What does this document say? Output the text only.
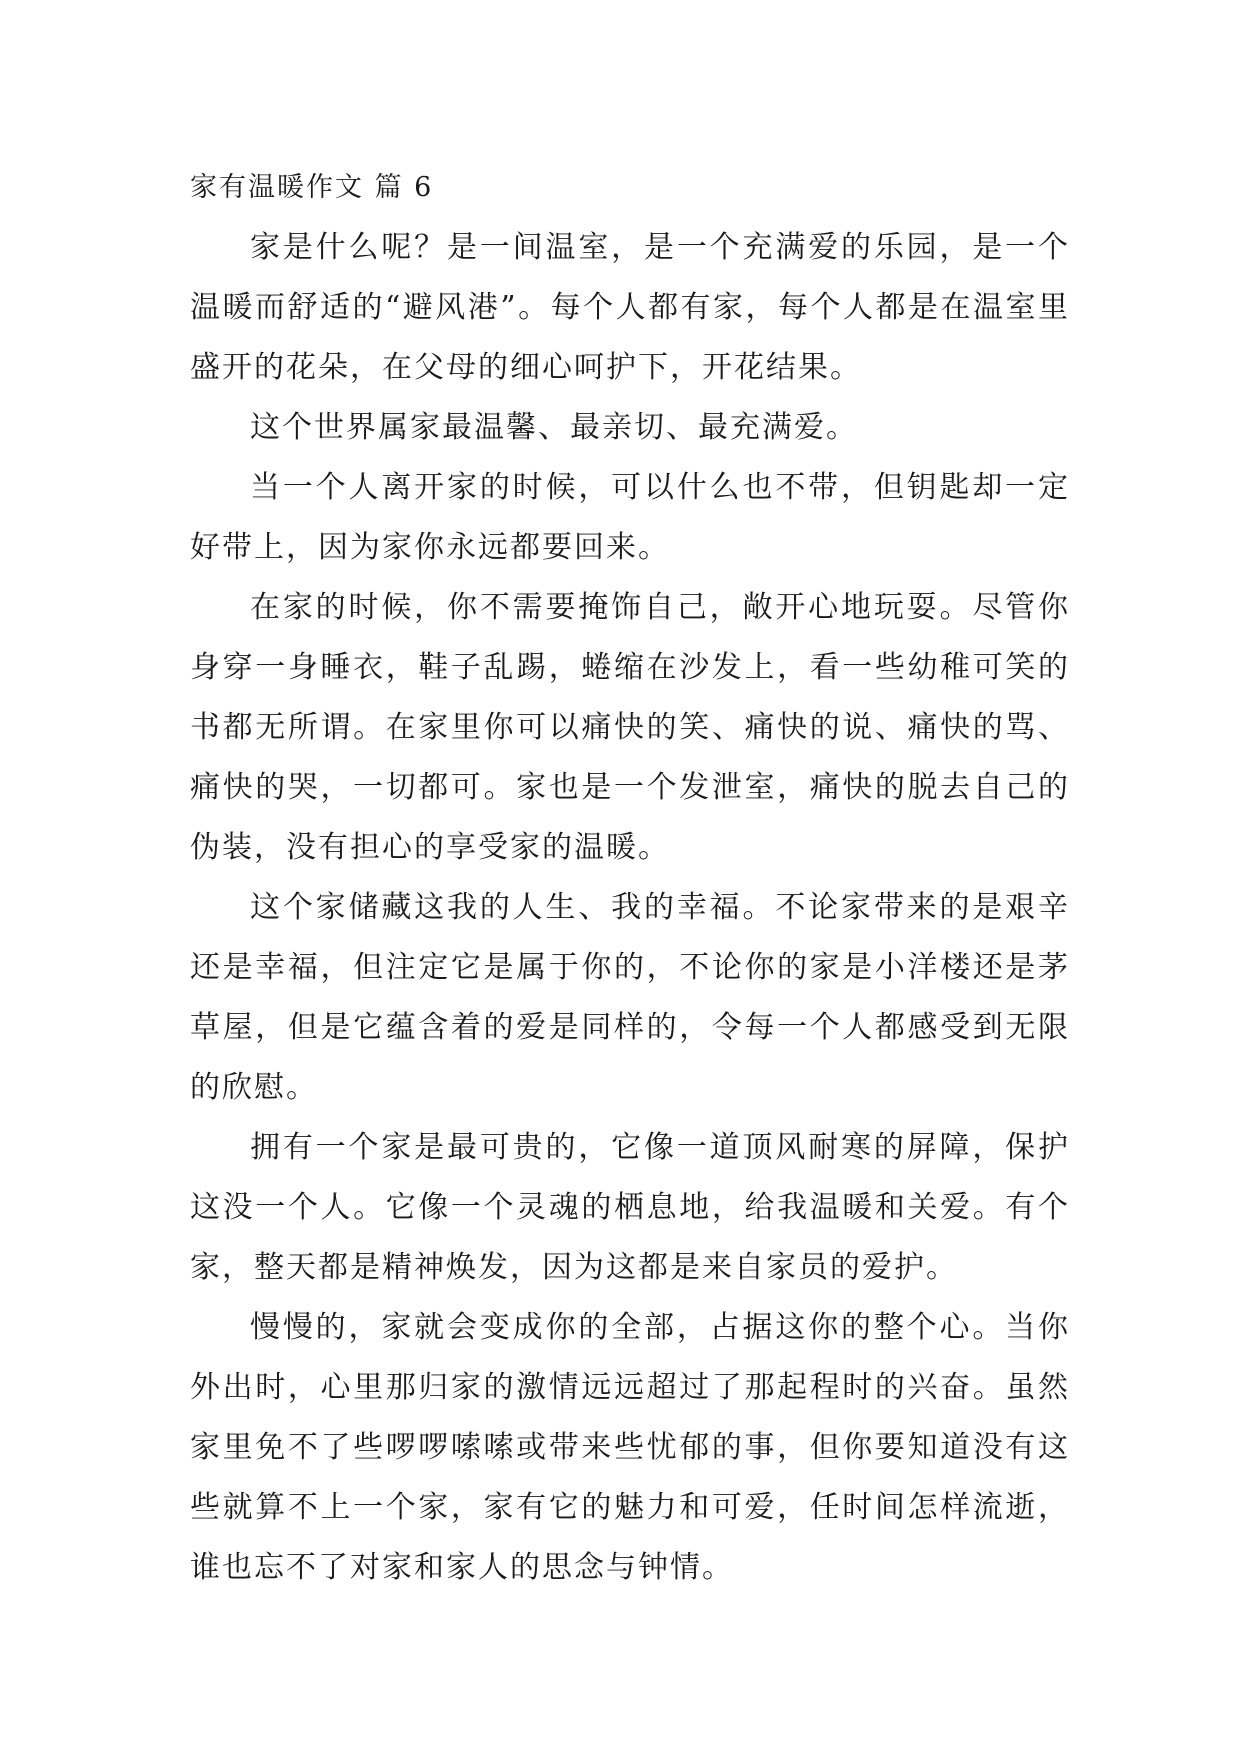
家有温暖作文 篇 6

家是什么呢？是一间温室，是一个充满爱的乐园，是一个温暖而舒适的“避风港”。每个人都有家，每个人都是在温室里盛开的花朵，在父母的细心呵护下，开花结果。

这个世界属家最温馨、最亲切、最充满爱。

当一个人离开家的时候，可以什么也不带，但钥匙却一定好带上，因为家你永远都要回来。

在家的时候，你不需要掩饰自己，敞开心地玩耍。尽管你身穿一身睡衣，鞋子乱踢，蜷缩在沙发上，看一些幼稚可笑的书都无所谓。在家里你可以痛快的笑、痛快的说、痛快的骂、痛快的哭，一切都可。家也是一个发泄室，痛快的脱去自己的伪装，没有担心的享受家的温暖。

这个家储藏这我的人生、我的幸福。不论家带来的是艰辛还是幸福，但注定它是属于你的，不论你的家是小洋楼还是茅草屋，但是它蕴含着的爱是同样的，令每一个人都感受到无限的欣慰。

拥有一个家是最可贵的，它像一道顶风耐寒的屏障，保护这没一个人。它像一个灵魂的栖息地，给我温暖和关爱。有个家，整天都是精神焕发，因为这都是来自家员的爱护。

慢慢的，家就会变成你的全部，占据这你的整个心。当你外出时，心里那归家的激情远远超过了那起程时的兴奋。虽然家里免不了些啰啰嗦嗦或带来些忧郁的事，但你要知道没有这些就算不上一个家，家有它的魅力和可爱，任时间怎样流逝，谁也忘不了对家和家人的思念与钟情。
